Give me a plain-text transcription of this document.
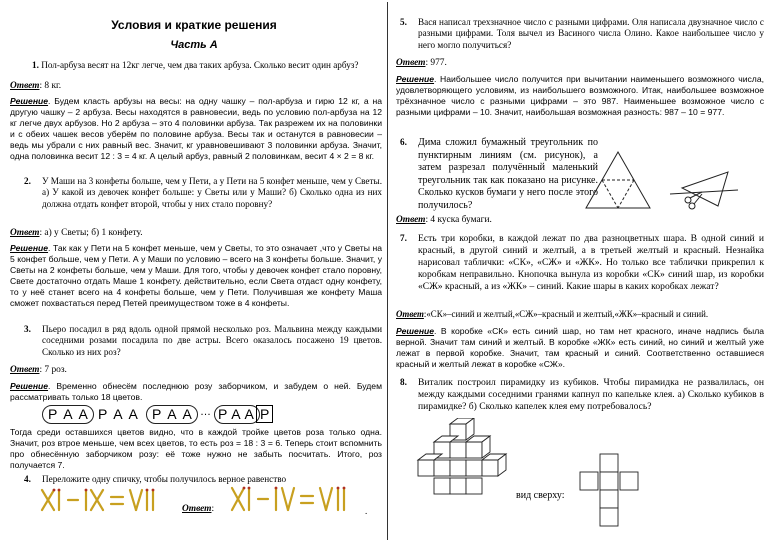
Условия и краткие решения
Часть А

1. Пол-арбуза весят на 12кг легче, чем два таких арбуза. Сколько весит один арбуз?

Ответ: 8 кг.

Решение. Будем класть арбузы на весы: на одну чашку – пол-арбуза и гирю 12 кг, а на другую чашку – 2 арбуза. Весы находятся в равновесии, ведь по условию пол-арбуза на 12 кг легче двух арбузов. Но 2 арбуза – это 4 половинки арбуза. Так разрежем их на половинки и с обеих чашек весов уберём по половине арбуза. Весы так и останутся в равновесии – ведь мы убрали с них равный вес. Значит, кг уравновешивают 3 половинки арбуза. Значит, одна половинка весит 12 : 3 = 4 кг. А целый арбуз, равный 2 половинкам, весит 4 × 2 = 8 кг.

У Маши на 3 конфеты больше, чем у Пети, а у Пети на 5 конфет меньше, чем у Светы. а) У какой из девочек конфет больше: у Светы или у Маши? б) Сколько одна из них должна отдать конфет второй, чтобы у них стало поровну?

2.
Ответ: а) у Светы; б) 1 конфету.

Решение. Так как у Пети на 5 конфет меньше, чем у Светы, то это означает ,что у Светы на 5 конфет больше, чем у Пети. А у Маши по условию – всего на 3 конфеты больше. Значит, у Светы на 2 конфеты больше, чем у Маши. Для того, чтобы у девочек конфет стало поровну, Свете достаточно отдать Маше 1 конфету. действительно, если Света отдаст одну конфету, то у неё станет всего на 4 конфеты больше, чем у Пети. Получившая же конфету Маша сможет похвастаться перед Петей преимуществом тоже в 4 конфеты.

3. Пьеро посадил в ряд вдоль одной прямой несколько роз. Мальвина между каждыми соседними розами посадила по две астры. Всего оказалось посажено 19 цветов. Сколько из них роз?

Ответ: 7 роз.

Решение. Временно обнесём последнюю розу заборчиком, и забудем о ней. Будем рассматривать только 18 цветов.

Р А А Р А А Р А А … Р А А Р

Тогда среди оставшихся цветов видно, что в каждой тройке цветов роза только одна. Значит, роз втрое меньше, чем всех цветов, то есть роз = 18 : 3 = 6. Теперь стоит вспомнить про обнесённую заборчиком розу: её тоже нужно не забыть посчитать. Итого, роз получается 7.

4. Переложите одну спичку, чтобы получилось верное равенство

Ответ:	.
5. Вася написал трехзначное число с разными цифрами. Оля написала двузначное число с разными цифрами. Толя вычел из Васиного числа Олино. Какое наибольшее число у него могло получиться?

Ответ: 977.

Решение. Наибольшее число получится при вычитании наименьшего возможного числа, удовлетворяющего условиям, из наибольшего возможного. Итак, наибольшее возможное трёхзначное число с разными цифрами – это 987. Наименьшее возможное число с разными цифрами – 10. Значит, наибольшая возможная разность: 987 – 10 = 977.

6. Дима сложил бумажный треугольник по пунктирным линиям (см. рисунок), а затем разрезал получённый маленький треугольник так как показано на рисунке. Сколько кусков бумаги у него после этого получилось?

Ответ: 4 куска бумаги.
7. Есть три коробки, в каждой лежат по два разноцветных шара. В одной синий и красный, в другой синий и желтый, а в третьей желтый и красный. Незнайка нарисовал таблички: «СК», «СЖ» и «ЖК». Но только все таблички прикрепил к коробкам неправильно. Кнопочка вынула из коробки «СК» синий шар, из коробки «СЖ» красный, а из «ЖК» – синий. Какие шары в каких коробках лежат?

Ответ:«СК»–синий и желтый,«СЖ»–красный и желтый,«ЖК»–красный и синий.

Решение. В коробке «СК» есть синий шар, но там нет красного, иначе надпись была верной. Значит там синий и желтый. В коробке «ЖК» есть синий, но синий и желтый уже лежат в первой коробке. Значит, там красный и синий. Соответственно оставшиеся красный и желтый лежат в коробке «СЖ».

8. Виталик построил пирамидку из кубиков. Чтобы пирамидка не развалилась, он между каждыми соседними гранями капнул по капельке клея. а) Сколько кубиков в пирамидке? б) Сколько капелек клея ему потребовалось?

вид сверху:
